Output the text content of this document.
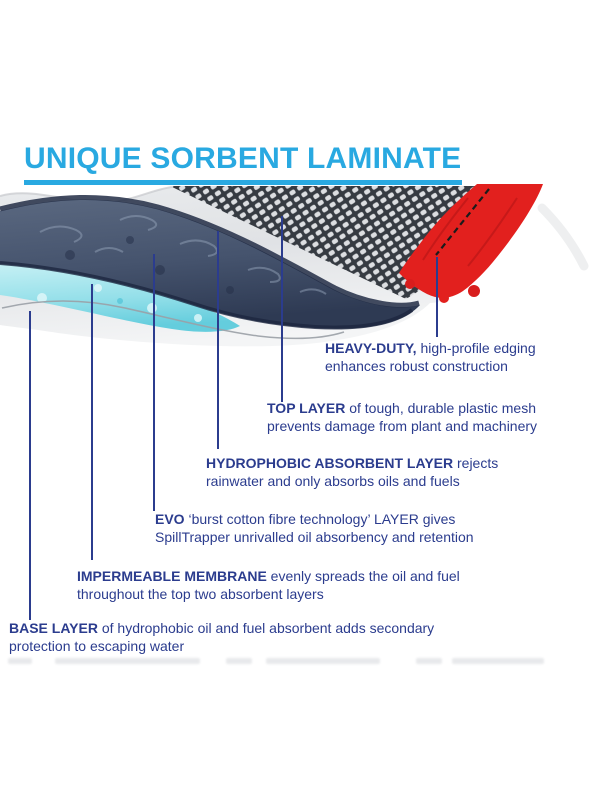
UNIQUE SORBENT LAMINATE
HEAVY-DUTY, high-profile edging
enhances robust construction
TOP LAYER of tough, durable plastic mesh
prevents damage from plant and machinery
HYDROPHOBIC ABSORBENT LAYER rejects
rainwater and only absorbs oils and fuels
EVO ‘burst cotton fibre technology’ LAYER gives
SpillTrapper unrivalled oil absorbency and retention
IMPERMEABLE MEMBRANE evenly spreads the oil and fuel
throughout the top two absorbent layers
BASE LAYER of hydrophobic oil and fuel absorbent adds secondary
protection to escaping water
